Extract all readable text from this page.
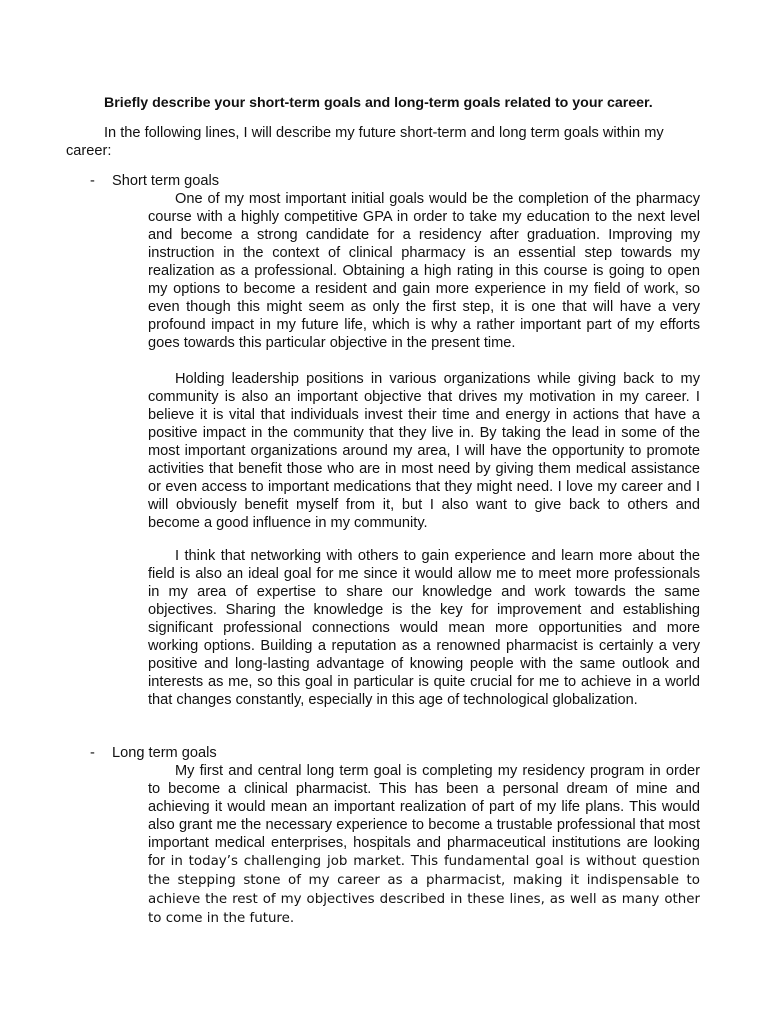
Briefly describe your short-term goals and long-term goals related to your career.
In the following lines, I will describe my future short-term and long term goals within my career:
- Short term goals
One of my most important initial goals would be the completion of the pharmacy course with a highly competitive GPA in order to take my education to the next level and become a strong candidate for a residency after graduation. Improving my instruction in the context of clinical pharmacy is an essential step towards my realization as a professional. Obtaining a high rating in this course is going to open my options to become a resident and gain more experience in my field of work, so even though this might seem as only the first step, it is one that will have a very profound impact in my future life, which is why a rather important part of my efforts goes towards this particular objective in the present time.
Holding leadership positions in various organizations while giving back to my community is also an important objective that drives my motivation in my career. I believe it is vital that individuals invest their time and energy in actions that have a positive impact in the community that they live in. By taking the lead in some of the most important organizations around my area, I will have the opportunity to promote activities that benefit those who are in most need by giving them medical assistance or even access to important medications that they might need. I love my career and I will obviously benefit myself from it, but I also want to give back to others and become a good influence in my community.
I think that networking with others to gain experience and learn more about the field is also an ideal goal for me since it would allow me to meet more professionals in my area of expertise to share our knowledge and work towards the same objectives. Sharing the knowledge is the key for improvement and establishing significant professional connections would mean more opportunities and more working options. Building a reputation as a renowned pharmacist is certainly a very positive and long-lasting advantage of knowing people with the same outlook and interests as me, so this goal in particular is quite crucial for me to achieve in a world that changes constantly, especially in this age of technological globalization.
- Long term goals
My first and central long term goal is completing my residency program in order to become a clinical pharmacist. This has been a personal dream of mine and achieving it would mean an important realization of part of my life plans. This would also grant me the necessary experience to become a trustable professional that most important medical enterprises, hospitals and pharmaceutical institutions are looking for in today’s challenging job market. This fundamental goal is without question the stepping stone of my career as a pharmacist, making it indispensable to achieve the rest of my objectives described in these lines, as well as many other to come in the future.
